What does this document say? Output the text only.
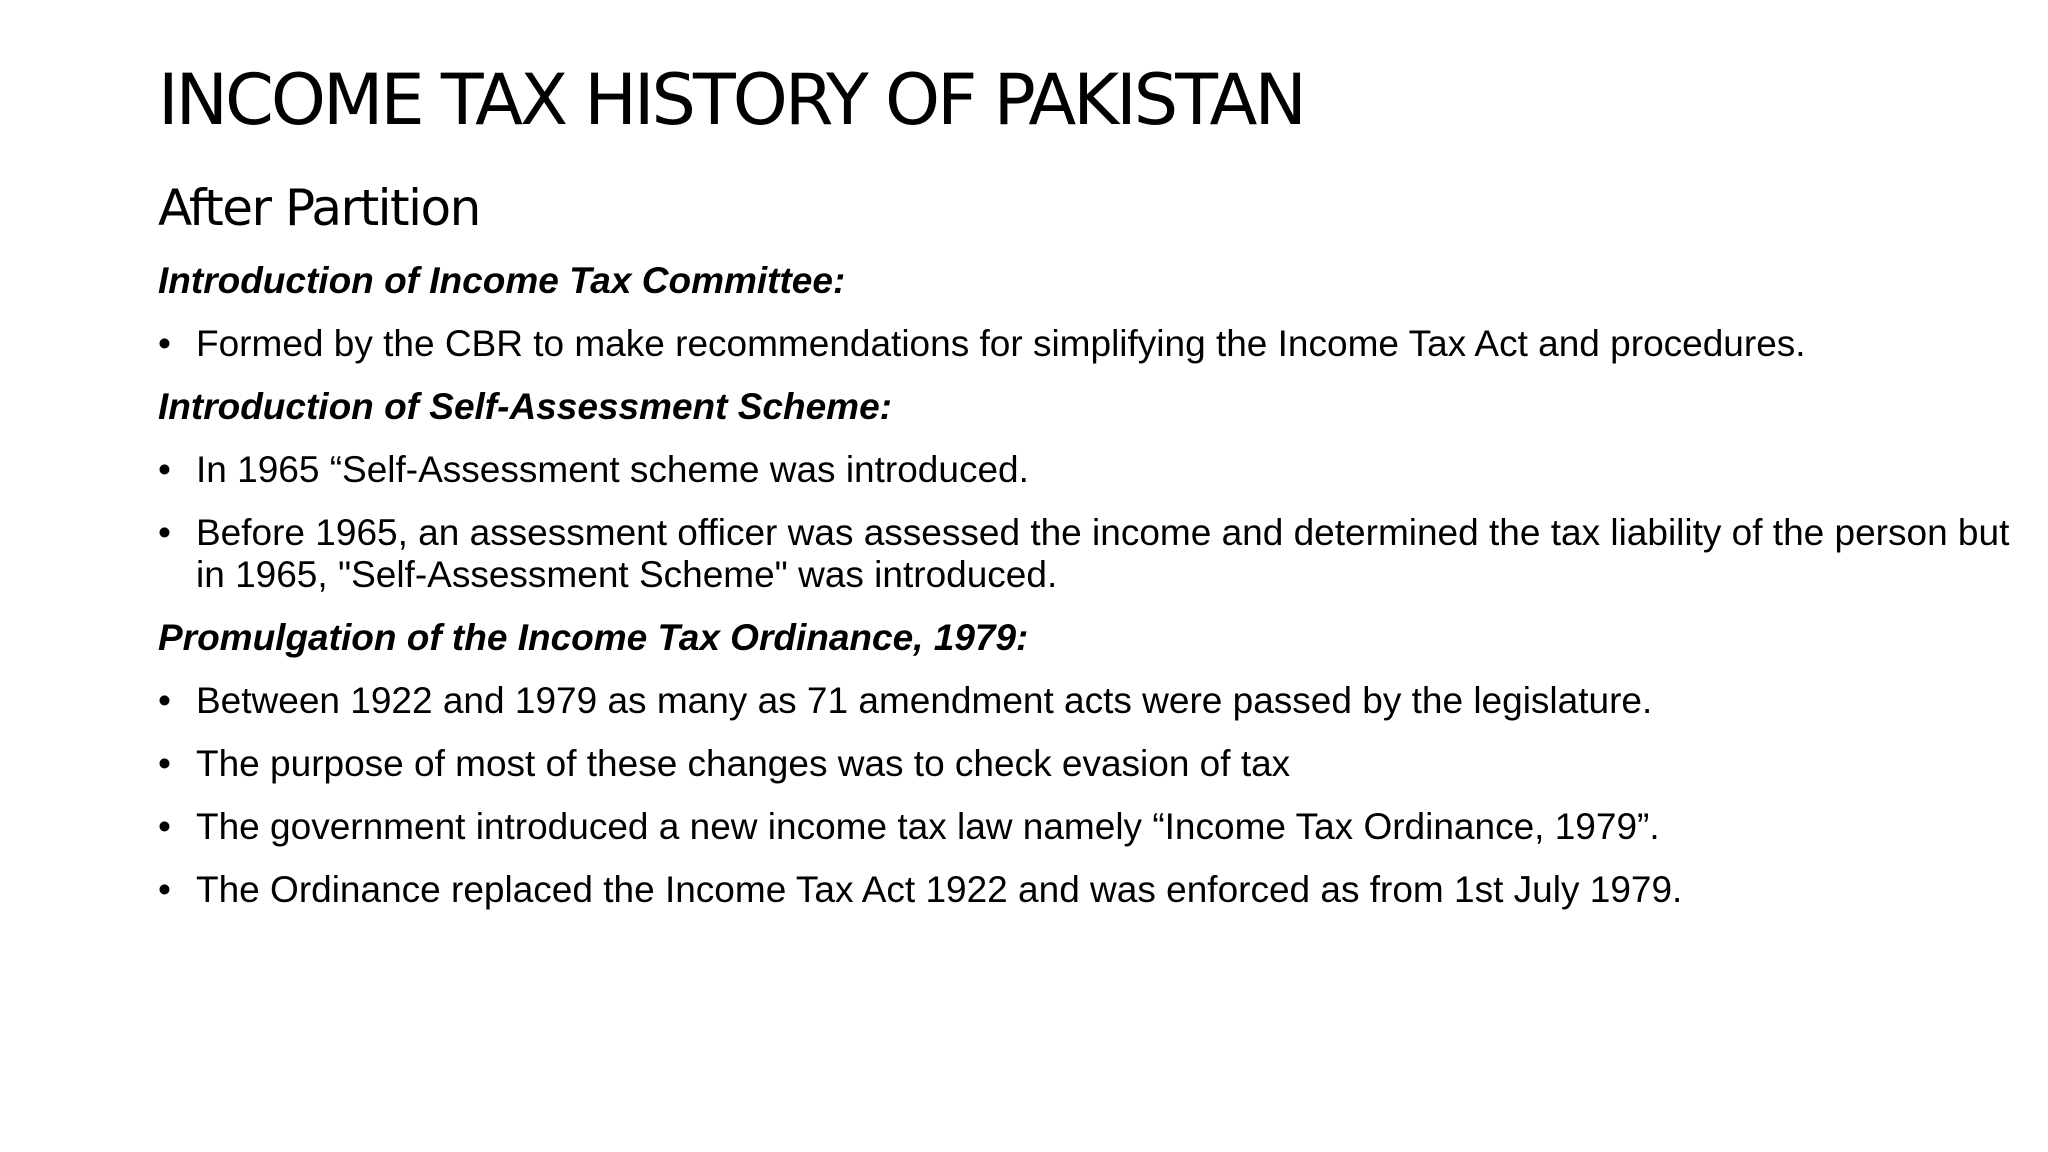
INCOME TAX HISTORY OF PAKISTAN
After Partition
Introduction of Income Tax Committee:
• Formed by the CBR to make recommendations for simplifying the Income Tax Act and procedures.
Introduction of Self-Assessment Scheme:
• In 1965 “Self-Assessment scheme was introduced.
• Before 1965, an assessment officer was assessed the income and determined the tax liability of the person but in 1965, "Self-Assessment Scheme" was introduced.
Promulgation of the Income Tax Ordinance, 1979:
• Between 1922 and 1979 as many as 71 amendment acts were passed by the legislature.
• The purpose of most of these changes was to check evasion of tax
• The government introduced a new income tax law namely “Income Tax Ordinance, 1979”.
• The Ordinance replaced the Income Tax Act 1922 and was enforced as from 1st July 1979.
